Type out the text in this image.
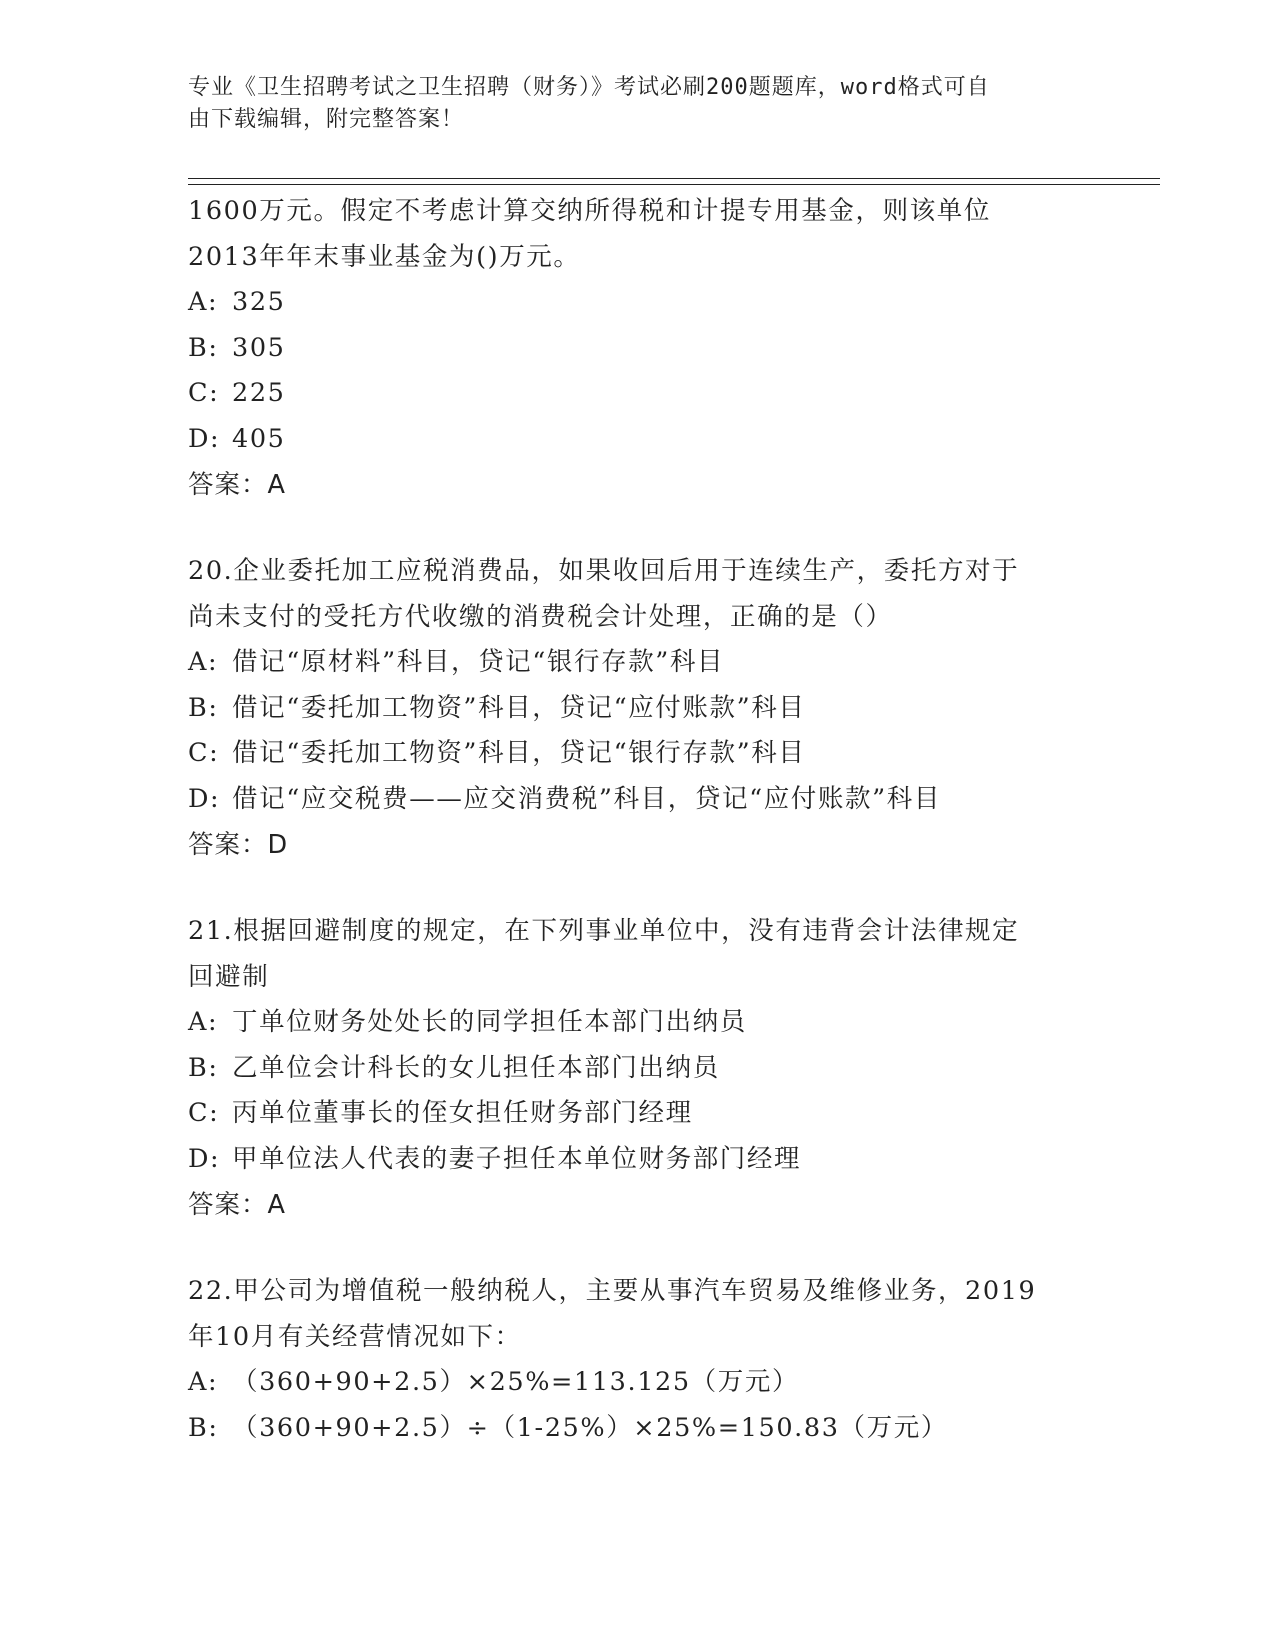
专业《卫生招聘考试之卫生招聘（财务）》考试必刷200题题库，word格式可自
由下载编辑，附完整答案！
1600万元。假定不考虑计算交纳所得税和计提专用基金，则该单位
2013年年末事业基金为()万元。
A: 325
B: 305
C: 225
D: 405
答案：A
20.企业委托加工应税消费品，如果收回后用于连续生产，委托方对于
尚未支付的受托方代收缴的消费税会计处理，正确的是（）
A: 借记“原材料”科目，贷记“银行存款”科目
B: 借记“委托加工物资”科目，贷记“应付账款”科目
C: 借记“委托加工物资”科目，贷记“银行存款”科目
D: 借记“应交税费——应交消费税”科目，贷记“应付账款”科目
答案：D
21.根据回避制度的规定，在下列事业单位中，没有违背会计法律规定
回避制
A: 丁单位财务处处长的同学担任本部门出纳员
B: 乙单位会计科长的女儿担任本部门出纳员
C: 丙单位董事长的侄女担任财务部门经理
D: 甲单位法人代表的妻子担任本单位财务部门经理
答案：A
22.甲公司为增值税一般纳税人，主要从事汽车贸易及维修业务，2019
年10月有关经营情况如下：
A: （360+90+2.5）×25%=113.125（万元）
B: （360+90+2.5）÷（1-25%）×25%=150.83（万元）
